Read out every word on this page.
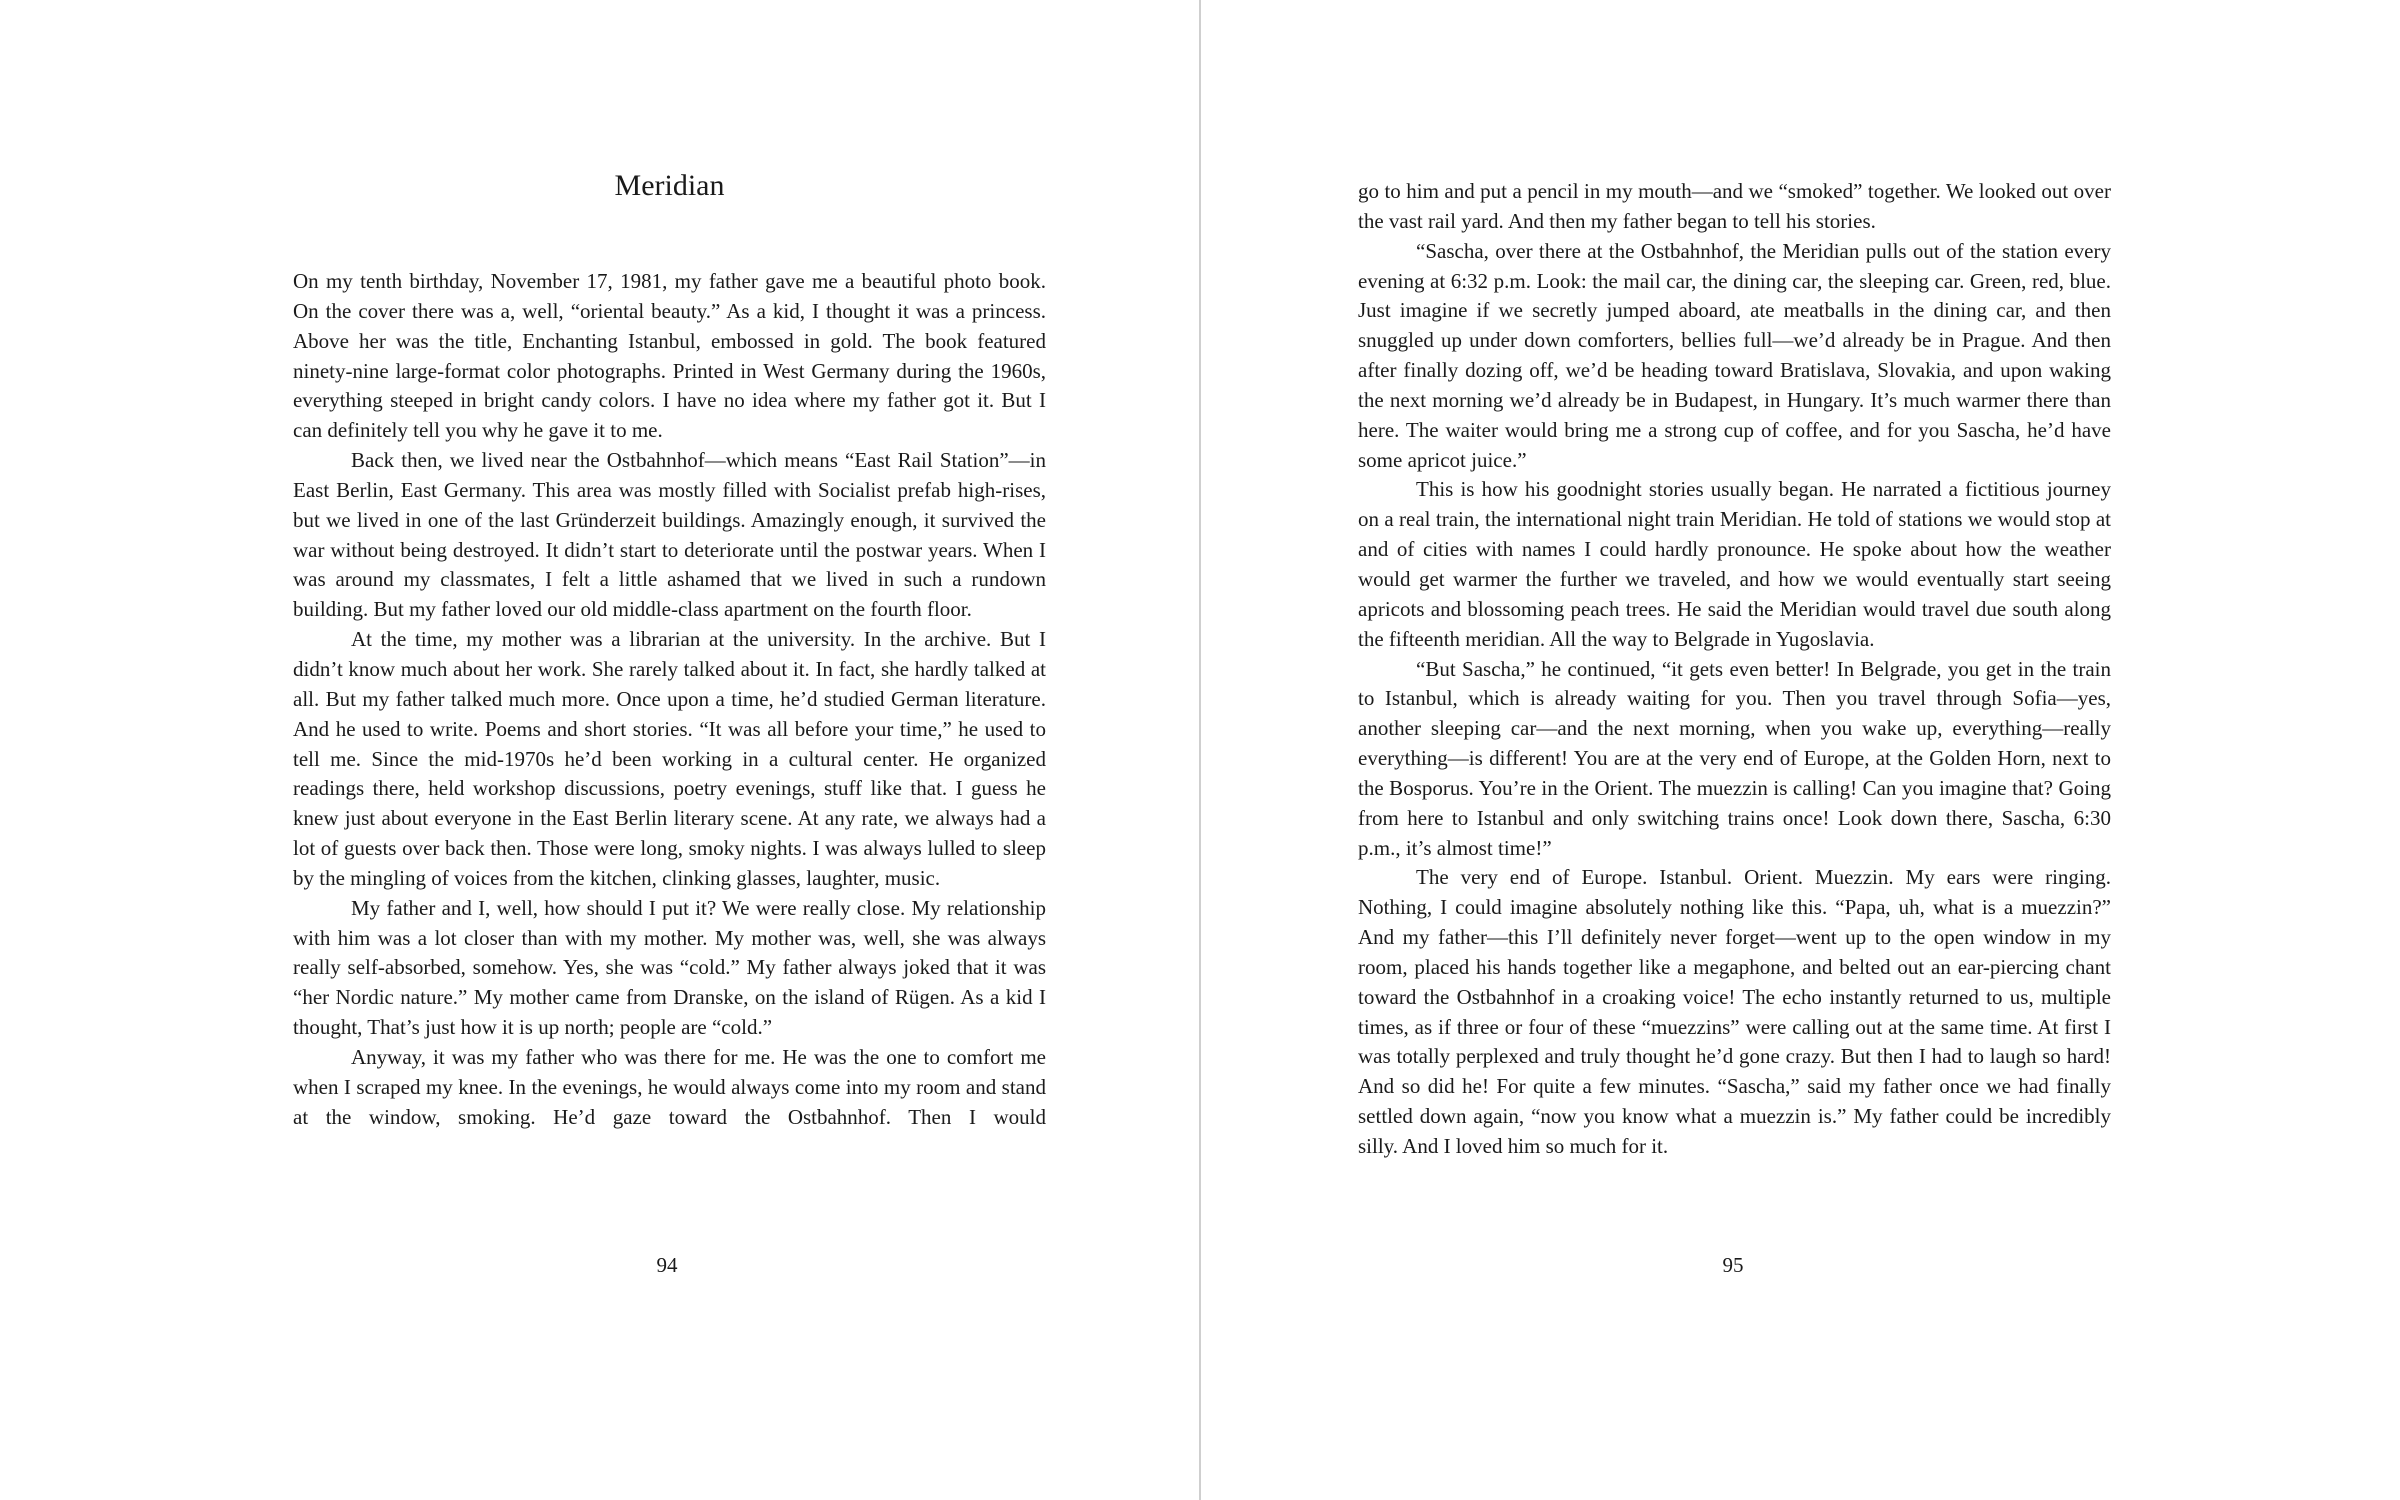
Meridian

On my tenth birthday, November 17, 1981, my father gave me a beautiful photo book. On the cover there was a, well, “oriental beauty.” As a kid, I thought it was a princess. Above her was the title, Enchanting Istanbul, embossed in gold. The book featured ninety-nine large-format color photographs. Printed in West Germany during the 1960s, everything steeped in bright candy colors. I have no idea where my father got it. But I can definitely tell you why he gave it to me.

Back then, we lived near the Ostbahnhof—which means “East Rail Station”—in East Berlin, East Germany. This area was mostly filled with Socialist prefab high-rises, but we lived in one of the last Gründerzeit buildings. Amazingly enough, it survived the war without being destroyed. It didn’t start to deteriorate until the postwar years. When I was around my classmates, I felt a little ashamed that we lived in such a rundown building. But my father loved our old middle-class apartment on the fourth floor.

At the time, my mother was a librarian at the university. In the archive. But I didn’t know much about her work. She rarely talked about it. In fact, she hardly talked at all. But my father talked much more. Once upon a time, he’d studied German literature. And he used to write. Poems and short stories. “It was all before your time,” he used to tell me. Since the mid-1970s he’d been working in a cultural center. He organized readings there, held workshop discussions, poetry evenings, stuff like that. I guess he knew just about everyone in the East Berlin literary scene. At any rate, we always had a lot of guests over back then. Those were long, smoky nights. I was always lulled to sleep by the mingling of voices from the kitchen, clinking glasses, laughter, music.

My father and I, well, how should I put it? We were really close. My relationship with him was a lot closer than with my mother. My mother was, well, she was always really self-absorbed, somehow. Yes, she was “cold.” My father always joked that it was “her Nordic nature.” My mother came from Dranske, on the island of Rügen. As a kid I thought, That’s just how it is up north; people are “cold.”

Anyway, it was my father who was there for me. He was the one to comfort me when I scraped my knee. In the evenings, he would always come into my room and stand at the window, smoking. He’d gaze toward the Ostbahnhof. Then I would

94

go to him and put a pencil in my mouth—and we “smoked” together. We looked out over the vast rail yard. And then my father began to tell his stories.

“Sascha, over there at the Ostbahnhof, the Meridian pulls out of the station every evening at 6:32 p.m. Look: the mail car, the dining car, the sleeping car. Green, red, blue. Just imagine if we secretly jumped aboard, ate meatballs in the dining car, and then snuggled up under down comforters, bellies full—we’d already be in Prague. And then after finally dozing off, we’d be heading toward Bratislava, Slovakia, and upon waking the next morning we’d already be in Budapest, in Hungary. It’s much warmer there than here. The waiter would bring me a strong cup of coffee, and for you Sascha, he’d have some apricot juice.”

This is how his goodnight stories usually began. He narrated a fictitious journey on a real train, the international night train Meridian. He told of stations we would stop at and of cities with names I could hardly pronounce. He spoke about how the weather would get warmer the further we traveled, and how we would eventually start seeing apricots and blossoming peach trees. He said the Meridian would travel due south along the fifteenth meridian. All the way to Belgrade in Yugoslavia.

“But Sascha,” he continued, “it gets even better! In Belgrade, you get in the train to Istanbul, which is already waiting for you. Then you travel through Sofia—yes, another sleeping car—and the next morning, when you wake up, everything—really everything—is different! You are at the very end of Europe, at the Golden Horn, next to the Bosporus. You’re in the Orient. The muezzin is calling! Can you imagine that? Going from here to Istanbul and only switching trains once! Look down there, Sascha, 6:30 p.m., it’s almost time!”

The very end of Europe. Istanbul. Orient. Muezzin. My ears were ringing. Nothing, I could imagine absolutely nothing like this. “Papa, uh, what is a muezzin?” And my father—this I’ll definitely never forget—went up to the open window in my room, placed his hands together like a megaphone, and belted out an ear-piercing chant toward the Ostbahnhof in a croaking voice! The echo instantly returned to us, multiple times, as if three or four of these “muezzins” were calling out at the same time. At first I was totally perplexed and truly thought he’d gone crazy. But then I had to laugh so hard! And so did he! For quite a few minutes. “Sascha,” said my father once we had finally settled down again, “now you know what a muezzin is.” My father could be incredibly silly. And I loved him so much for it.

95
